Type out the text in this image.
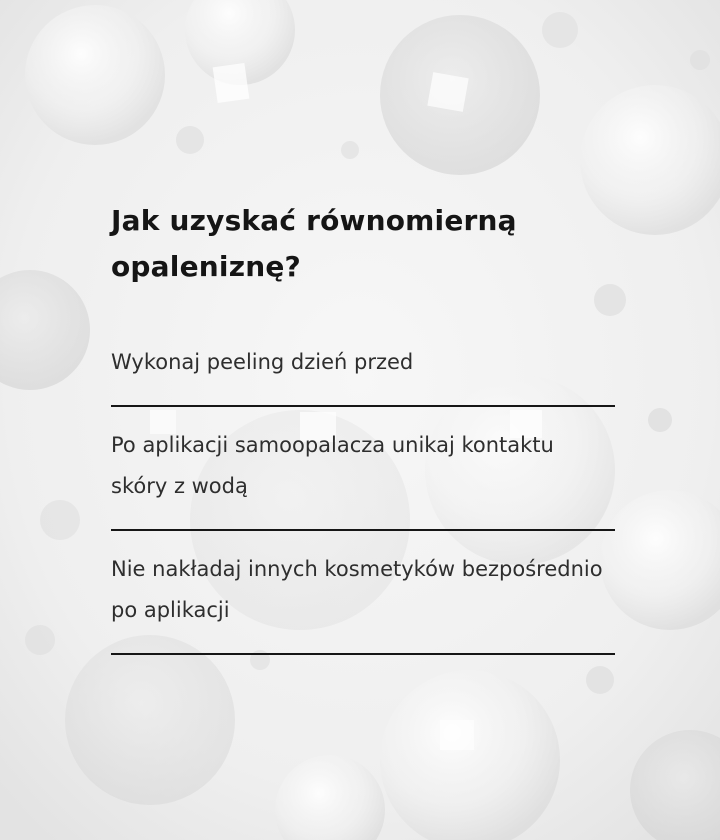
Jak uzyskać równomierną opaleniznę?

Wykonaj peeling dzień przed

Po aplikacji samoopalacza unikaj kontaktu skóry z wodą

Nie nakładaj innych kosmetyków bezpośrednio po aplikacji
